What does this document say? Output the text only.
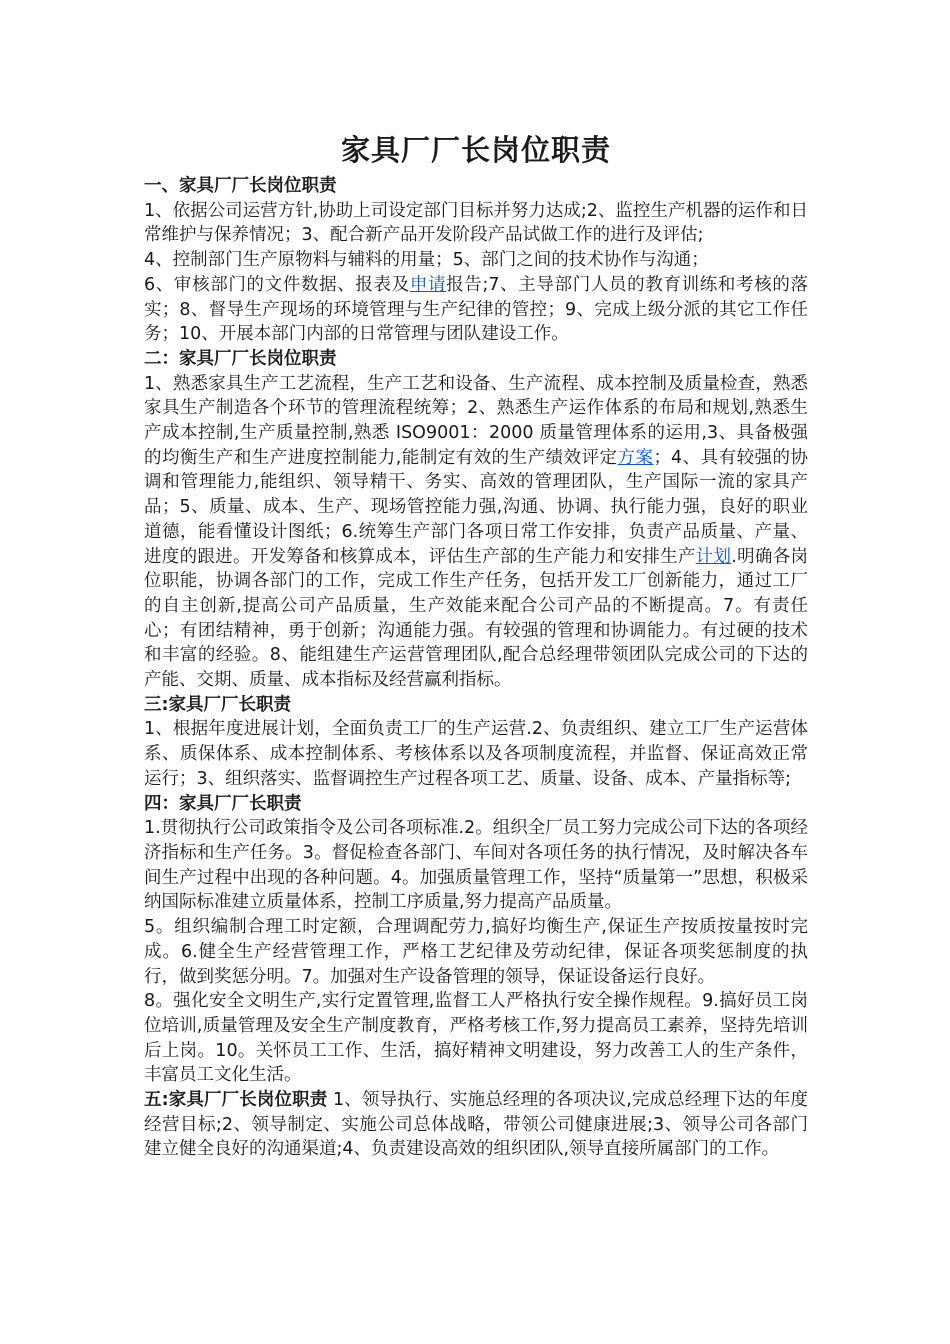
家具厂厂长岗位职责

一、家具厂厂长岗位职责

1、依据公司运营方针,协助上司设定部门目标并努力达成;2、监控生产机器的运作和日常维护与保养情况；3、配合新产品开发阶段产品试做工作的进行及评估;

4、控制部门生产原物料与辅料的用量；5、部门之间的技术协作与沟通；

6、审核部门的文件数据、报表及申请报告;7、主导部门人员的教育训练和考核的落实；8、督导生产现场的环境管理与生产纪律的管控；9、完成上级分派的其它工作任务；10、开展本部门内部的日常管理与团队建设工作。

二：家具厂厂长岗位职责

1、熟悉家具生产工艺流程，生产工艺和设备、生产流程、成本控制及质量检查，熟悉家具生产制造各个环节的管理流程统筹；2、熟悉生产运作体系的布局和规划,熟悉生产成本控制,生产质量控制,熟悉 ISO9001：2000 质量管理体系的运用,3、具备极强的均衡生产和生产进度控制能力,能制定有效的生产绩效评定方案；4、具有较强的协调和管理能力,能组织、领导精干、务实、高效的管理团队，生产国际一流的家具产品；5、质量、成本、生产、现场管控能力强,沟通、协调、执行能力强，良好的职业道德，能看懂设计图纸；6.统筹生产部门各项日常工作安排，负责产品质量、产量、进度的跟进。开发筹备和核算成本，评估生产部的生产能力和安排生产计划.明确各岗位职能，协调各部门的工作，完成工作生产任务，包括开发工厂创新能力，通过工厂的自主创新,提高公司产品质量，生产效能来配合公司产品的不断提高。7。有责任心；有团结精神，勇于创新；沟通能力强。有较强的管理和协调能力。有过硬的技术和丰富的经验。8、能组建生产运营管理团队,配合总经理带领团队完成公司的下达的产能、交期、质量、成本指标及经营赢利指标。

三:家具厂厂长职责

1、根据年度进展计划，全面负责工厂的生产运营.2、负责组织、建立工厂生产运营体系、质保体系、成本控制体系、考核体系以及各项制度流程，并监督、保证高效正常运行；3、组织落实、监督调控生产过程各项工艺、质量、设备、成本、产量指标等;

四：家具厂厂长职责

1.贯彻执行公司政策指令及公司各项标准.2。组织全厂员工努力完成公司下达的各项经济指标和生产任务。3。督促检查各部门、车间对各项任务的执行情况，及时解决各车间生产过程中出现的各种问题。4。加强质量管理工作，坚持“质量第一”思想，积极采纳国际标准建立质量体系，控制工序质量,努力提高产品质量。

5。组织编制合理工时定额，合理调配劳力,搞好均衡生产,保证生产按质按量按时完成。6.健全生产经营管理工作，严格工艺纪律及劳动纪律，保证各项奖惩制度的执行，做到奖惩分明。7。加强对生产设备管理的领导，保证设备运行良好。

8。强化安全文明生产,实行定置管理,监督工人严格执行安全操作规程。9.搞好员工岗位培训,质量管理及安全生产制度教育，严格考核工作,努力提高员工素养，坚持先培训后上岗。10。关怀员工工作、生活，搞好精神文明建设，努力改善工人的生产条件，丰富员工文化生活。

五:家具厂厂长岗位职责 1、领导执行、实施总经理的各项决议,完成总经理下达的年度经营目标;2、领导制定、实施公司总体战略，带领公司健康进展;3、领导公司各部门建立健全良好的沟通渠道;4、负责建设高效的组织团队,领导直接所属部门的工作。
